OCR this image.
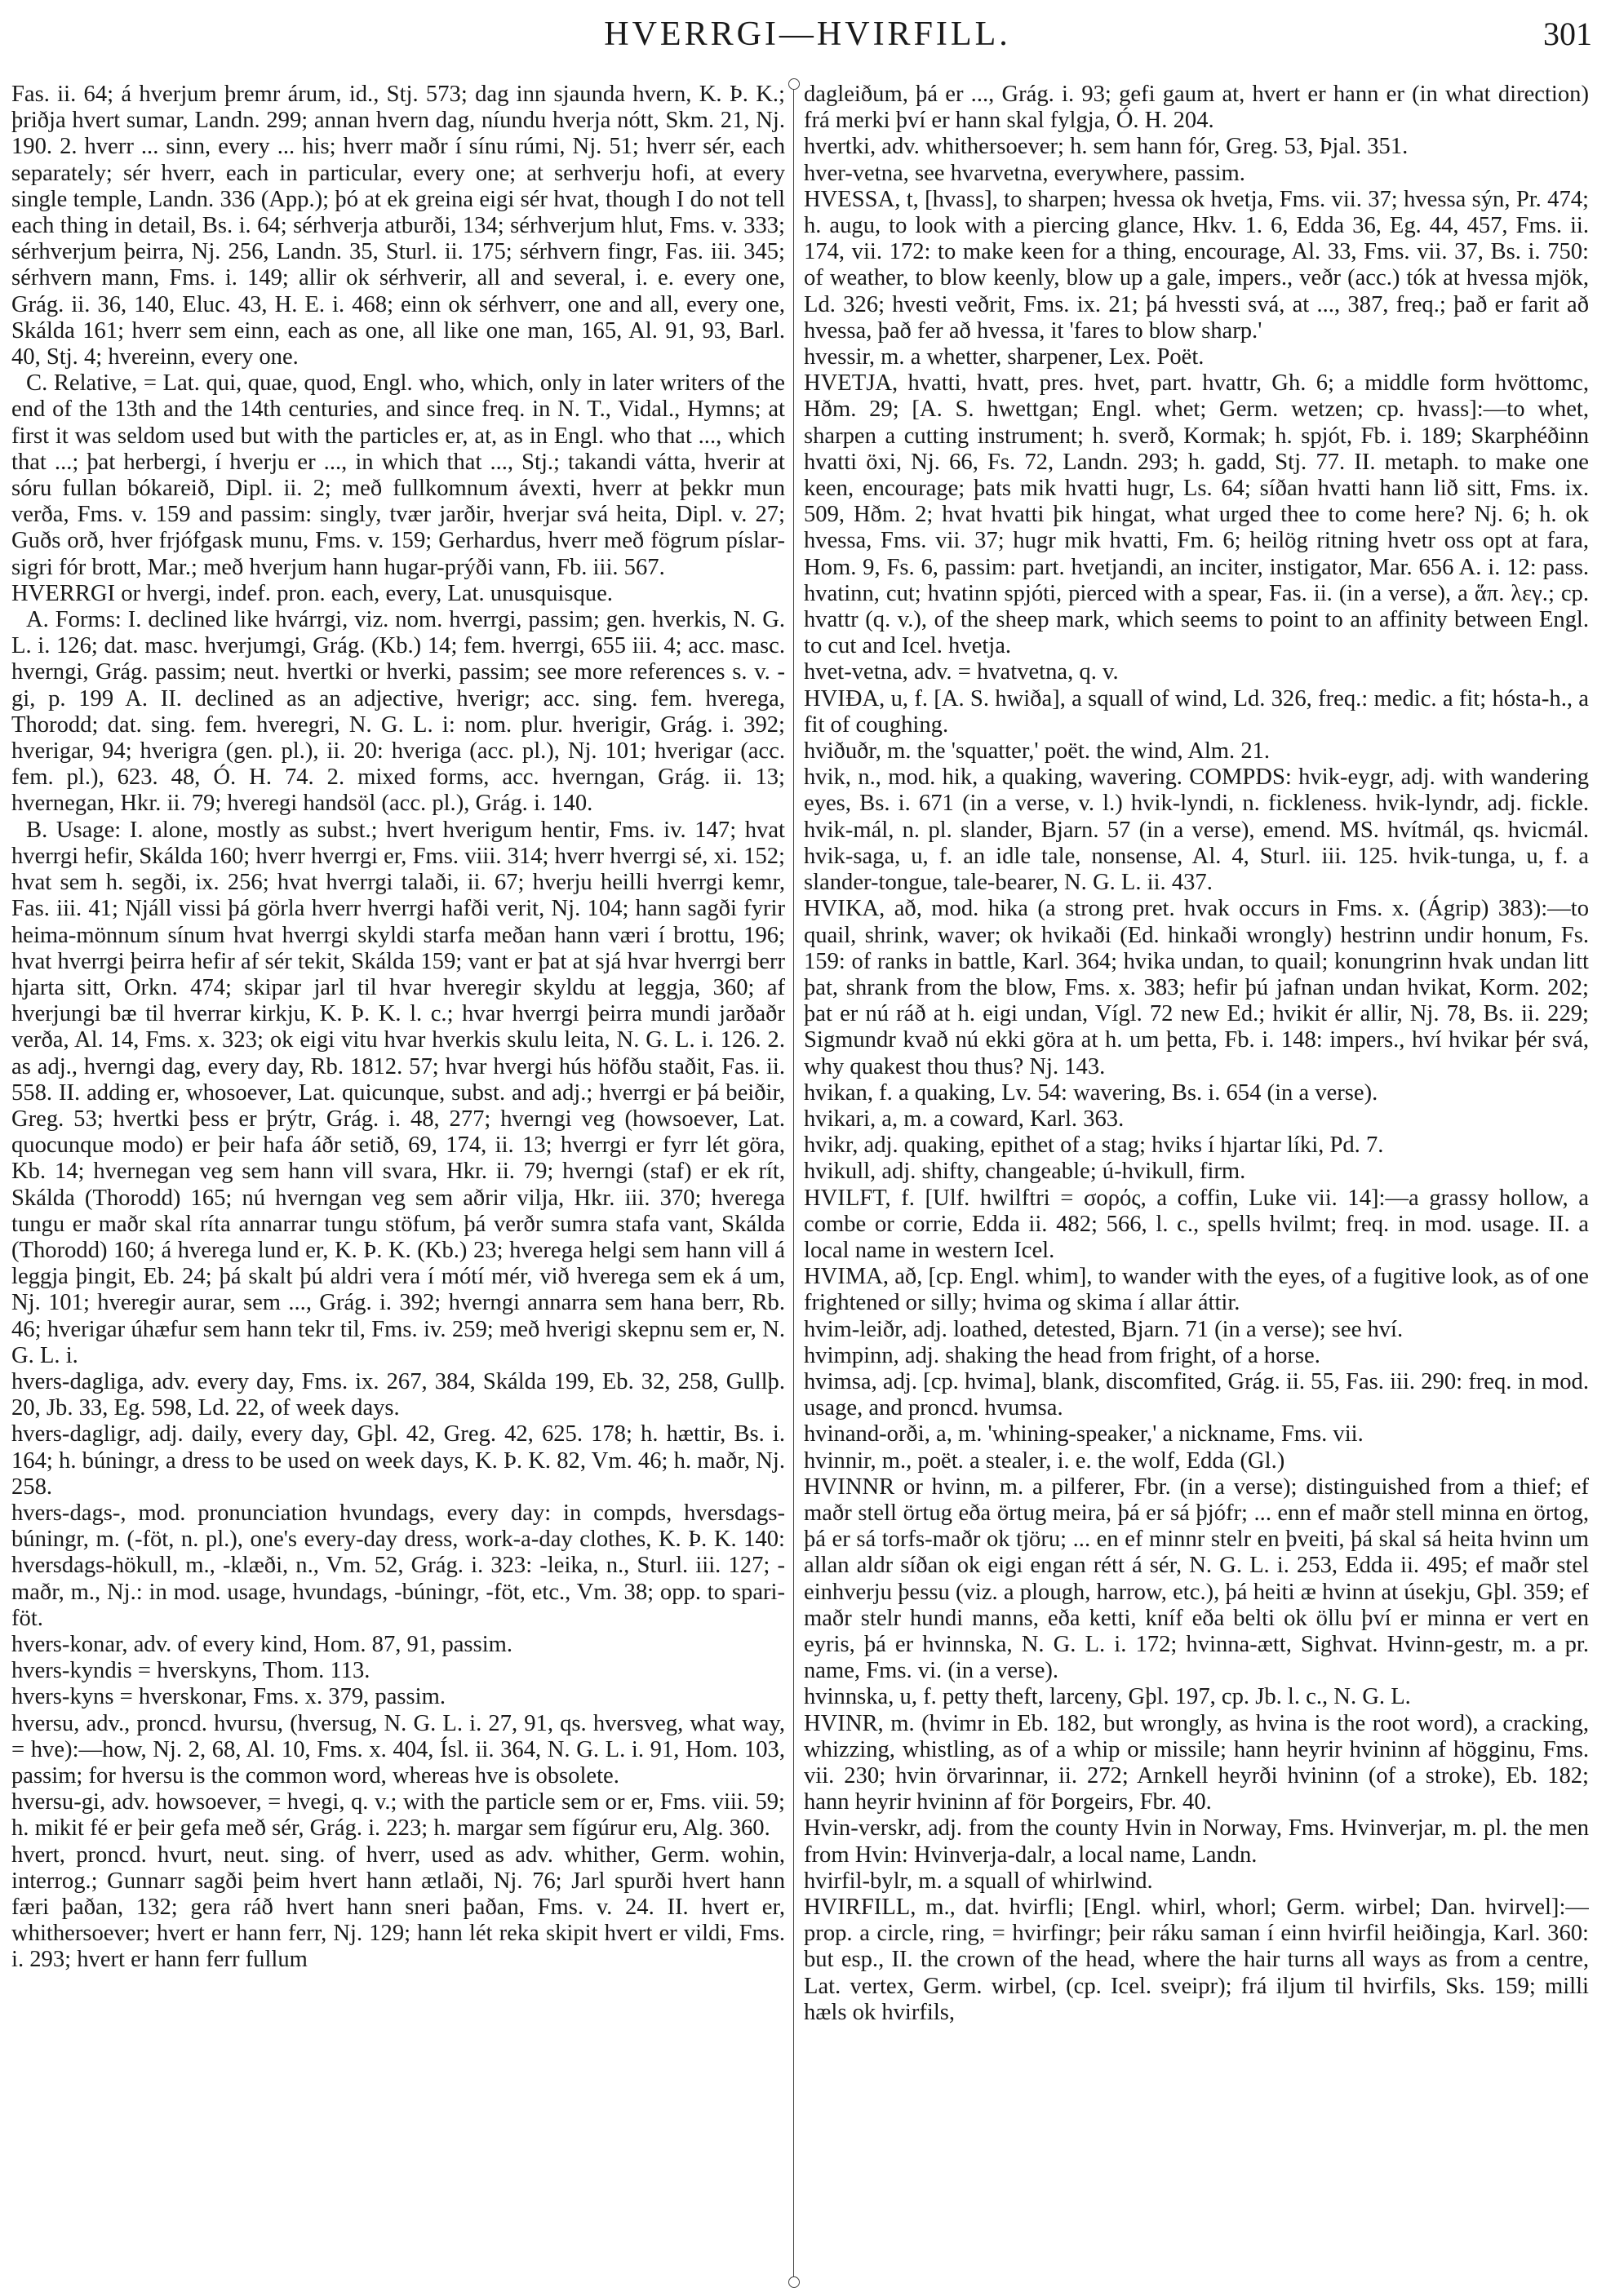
HVERRGI—HVIRFILL.	301

Fas. ii. 64; á hverjum þremr árum, id., Stj. 573; dag inn sjaunda hvern, K. Þ. K.; þriðja hvert sumar, Landn. 299; annan hvern dag, níundu hverja nótt, Skm. 21, Nj. 190. 2. hverr ... sinn, every ... his; hverr maðr í sínu rúmi, Nj. 51; hverr sér, each separately; sér hverr, each in particular, every one; at serhverju hofi, at every single temple, Landn. 336 (App.); þó at ek greina eigi sér hvat, though I do not tell each thing in detail, Bs. i. 64; sérhverja atburði, 134; sérhverjum hlut, Fms. v. 333; sérhverjum þeirra, Nj. 256, Landn. 35, Sturl. ii. 175; sérhvern fingr, Fas. iii. 345; sérhvern mann, Fms. i. 149; allir ok sérhverir, all and several, i. e. every one, Grág. ii. 36, 140, Eluc. 43, H. E. i. 468; einn ok sérhverr, one and all, every one, Skálda 161; hverr sem einn, each as one, all like one man, 165, Al. 91, 93, Barl. 40, Stj. 4; hvereinn, every one.

C. Relative, = Lat. qui, quae, quod, Engl. who, which, only in later writers of the end of the 13th and the 14th centuries, and since freq. in N. T., Vidal., Hymns; at first it was seldom used but with the particles er, at, as in Engl. who that ..., which that ...; þat herbergi, í hverju er ..., in which that ..., Stj.; takandi vátta, hverir at sóru fullan bókareið, Dipl. ii. 2; með fullkomnum ávexti, hverr at þekkr mun verða, Fms. v. 159 and passim: singly, tvær jarðir, hverjar svá heita, Dipl. v. 27; Guðs orð, hver frjófgask munu, Fms. v. 159; Gerhardus, hverr með fögrum píslar-sigri fór brott, Mar.; með hverjum hann hugar-prýði vann, Fb. iii. 567.

HVERRGI or hvergi, indef. pron. each, every, Lat. unusquisque.

A. Forms: I. declined like hvárrgi, viz. nom. hverrgi, passim; gen. hverkis, N. G. L. i. 126; dat. masc. hverjumgi, Grág. (Kb.) 14; fem. hverrgi, 655 iii. 4; acc. masc. hverngi, Grág. passim; neut. hvertki or hverki, passim; see more references s. v. -gi, p. 199 A. II. declined as an adjective, hverigr; acc. sing. fem. hverega, Thorodd; dat. sing. fem. hveregri, N. G. L. i: nom. plur. hverigir, Grág. i. 392; hverigar, 94; hverigra (gen. pl.), ii. 20: hveriga (acc. pl.), Nj. 101; hverigar (acc. fem. pl.), 623. 48, Ó. H. 74. 2. mixed forms, acc. hverngan, Grág. ii. 13; hvernegan, Hkr. ii. 79; hveregi handsöl (acc. pl.), Grág. i. 140.

B. Usage: I. alone, mostly as subst.; hvert hverigum hentir, Fms. iv. 147; hvat hverrgi hefir, Skálda 160; hverr hverrgi er, Fms. viii. 314; hverr hverrgi sé, xi. 152; hvat sem h. segði, ix. 256; hvat hverrgi talaði, ii. 67; hverju heilli hverrgi kemr, Fas. iii. 41; Njáll vissi þá görla hverr hverrgi hafði verit, Nj. 104; hann sagði fyrir heima-mönnum sínum hvat hverrgi skyldi starfa meðan hann væri í brottu, 196; hvat hverrgi þeirra hefir af sér tekit, Skálda 159; vant er þat at sjá hvar hverrgi berr hjarta sitt, Orkn. 474; skipar jarl til hvar hveregir skyldu at leggja, 360; af hverjungi bæ til hverrar kirkju, K. Þ. K. l. c.; hvar hverrgi þeirra mundi jarðaðr verða, Al. 14, Fms. x. 323; ok eigi vitu hvar hverkis skulu leita, N. G. L. i. 126. 2. as adj., hverngi dag, every day, Rb. 1812. 57; hvar hvergi hús höfðu staðit, Fas. ii. 558. II. adding er, whosoever, Lat. quicunque, subst. and adj.; hverrgi er þá beiðir, Greg. 53; hvertki þess er þrýtr, Grág. i. 48, 277; hverngi veg (howsoever, Lat. quocunque modo) er þeir hafa áðr setið, 69, 174, ii. 13; hverrgi er fyrr lét göra, Kb. 14; hvernegan veg sem hann vill svara, Hkr. ii. 79; hverngi (staf) er ek rít, Skálda (Thorodd) 165; nú hverngan veg sem aðrir vilja, Hkr. iii. 370; hverega tungu er maðr skal ríta annarrar tungu stöfum, þá verðr sumra stafa vant, Skálda (Thorodd) 160; á hverega lund er, K. Þ. K. (Kb.) 23; hverega helgi sem hann vill á leggja þingit, Eb. 24; þá skalt þú aldri vera í mótí mér, við hverega sem ek á um, Nj. 101; hveregir aurar, sem ..., Grág. i. 392; hverngi annarra sem hana berr, Rb. 46; hverigar úhæfur sem hann tekr til, Fms. iv. 259; með hverigi skepnu sem er, N. G. L. i.

hvers-dagliga, adv. every day, Fms. ix. 267, 384, Skálda 199, Eb. 32, 258, Gullþ. 20, Jb. 33, Eg. 598, Ld. 22, of week days.

hvers-dagligr, adj. daily, every day, Gþl. 42, Greg. 42, 625. 178; h. hættir, Bs. i. 164; h. búningr, a dress to be used on week days, K. Þ. K. 82, Vm. 46; h. maðr, Nj. 258.

hvers-dags-, mod. pronunciation hvundags, every day: in compds, hversdags-búningr, m. (-föt, n. pl.), one's every-day dress, work-a-day clothes, K. Þ. K. 140: hversdags-hökull, m., -klæði, n., Vm. 52, Grág. i. 323: -leika, n., Sturl. iii. 127; -maðr, m., Nj.: in mod. usage, hvundags, -búningr, -föt, etc., Vm. 38; opp. to spari-föt.

hvers-konar, adv. of every kind, Hom. 87, 91, passim.

hvers-kyndis = hverskyns, Thom. 113.

hvers-kyns = hverskonar, Fms. x. 379, passim.

hversu, adv., proncd. hvursu, (hversug, N. G. L. i. 27, 91, qs. hversveg, what way, = hve):—how, Nj. 2, 68, Al. 10, Fms. x. 404, Ísl. ii. 364, N. G. L. i. 91, Hom. 103, passim; for hversu is the common word, whereas hve is obsolete.

hversu-gi, adv. howsoever, = hvegi, q. v.; with the particle sem or er, Fms. viii. 59; h. mikit fé er þeir gefa með sér, Grág. i. 223; h. margar sem fígúrur eru, Alg. 360.

hvert, proncd. hvurt, neut. sing. of hverr, used as adv. whither, Germ. wohin, interrog.; Gunnarr sagði þeim hvert hann ætlaði, Nj. 76; Jarl spurði hvert hann færi þaðan, 132; gera ráð hvert hann sneri þaðan, Fms. v. 24. II. hvert er, whithersoever; hvert er hann ferr, Nj. 129; hann lét reka skipit hvert er vildi, Fms. i. 293; hvert er hann ferr fullum

dagleiðum, þá er ..., Grág. i. 93; gefi gaum at, hvert er hann er (in what direction) frá merki því er hann skal fylgja, Ó. H. 204.

hvertki, adv. whithersoever; h. sem hann fór, Greg. 53, Þjal. 351.

hver-vetna, see hvarvetna, everywhere, passim.

HVESSA, t, [hvass], to sharpen; hvessa ok hvetja, Fms. vii. 37; hvessa sýn, Pr. 474; h. augu, to look with a piercing glance, Hkv. 1. 6, Edda 36, Eg. 44, 457, Fms. ii. 174, vii. 172: to make keen for a thing, encourage, Al. 33, Fms. vii. 37, Bs. i. 750: of weather, to blow keenly, blow up a gale, impers., veðr (acc.) tók at hvessa mjök, Ld. 326; hvesti veðrit, Fms. ix. 21; þá hvessti svá, at ..., 387, freq.; það er farit að hvessa, það fer að hvessa, it 'fares to blow sharp.'

hvessir, m. a whetter, sharpener, Lex. Poët.

HVETJA, hvatti, hvatt, pres. hvet, part. hvattr, Gh. 6; a middle form hvöttomc, Hðm. 29; [A. S. hwettgan; Engl. whet; Germ. wetzen; cp. hvass]:—to whet, sharpen a cutting instrument; h. sverð, Kormak; h. spjót, Fb. i. 189; Skarphéðinn hvatti öxi, Nj. 66, Fs. 72, Landn. 293; h. gadd, Stj. 77. II. metaph. to make one keen, encourage; þats mik hvatti hugr, Ls. 64; síðan hvatti hann lið sitt, Fms. ix. 509, Hðm. 2; hvat hvatti þik hingat, what urged thee to come here? Nj. 6; h. ok hvessa, Fms. vii. 37; hugr mik hvatti, Fm. 6; heilög ritning hvetr oss opt at fara, Hom. 9, Fs. 6, passim: part. hvetjandi, an inciter, instigator, Mar. 656 A. i. 12: pass. hvatinn, cut; hvatinn spjóti, pierced with a spear, Fas. ii. (in a verse), a ἅπ. λεγ.; cp. hvattr (q. v.), of the sheep mark, which seems to point to an affinity between Engl. to cut and Icel. hvetja.

hvet-vetna, adv. = hvatvetna, q. v.

HVIÐA, u, f. [A. S. hwiða], a squall of wind, Ld. 326, freq.: medic. a fit; hósta-h., a fit of coughing.

hviðuðr, m. the 'squatter,' poët. the wind, Alm. 21.

hvik, n., mod. hik, a quaking, wavering. COMPDS: hvik-eygr, adj. with wandering eyes, Bs. i. 671 (in a verse, v. l.) hvik-lyndi, n. fickleness. hvik-lyndr, adj. fickle. hvik-mál, n. pl. slander, Bjarn. 57 (in a verse), emend. MS. hvítmál, qs. hvicmál. hvik-saga, u, f. an idle tale, nonsense, Al. 4, Sturl. iii. 125. hvik-tunga, u, f. a slander-tongue, tale-bearer, N. G. L. ii. 437.

HVIKA, að, mod. hika (a strong pret. hvak occurs in Fms. x. (Ágrip) 383):—to quail, shrink, waver; ok hvikaði (Ed. hinkaði wrongly) hestrinn undir honum, Fs. 159: of ranks in battle, Karl. 364; hvika undan, to quail; konungrinn hvak undan litt þat, shrank from the blow, Fms. x. 383; hefir þú jafnan undan hvikat, Korm. 202; þat er nú ráð at h. eigi undan, Vígl. 72 new Ed.; hvikit ér allir, Nj. 78, Bs. ii. 229; Sigmundr kvað nú ekki göra at h. um þetta, Fb. i. 148: impers., hví hvikar þér svá, why quakest thou thus? Nj. 143.

hvikan, f. a quaking, Lv. 54: wavering, Bs. i. 654 (in a verse).

hvikari, a, m. a coward, Karl. 363.

hvikr, adj. quaking, epithet of a stag; hviks í hjartar líki, Pd. 7.

hvikull, adj. shifty, changeable; ú-hvikull, firm.

HVILFT, f. [Ulf. hwilftri = σορός, a coffin, Luke vii. 14]:—a grassy hollow, a combe or corrie, Edda ii. 482; 566, l. c., spells hvilmt; freq. in mod. usage. II. a local name in western Icel.

HVIMA, að, [cp. Engl. whim], to wander with the eyes, of a fugitive look, as of one frightened or silly; hvima og skima í allar áttir.

hvim-leiðr, adj. loathed, detested, Bjarn. 71 (in a verse); see hví.

hvimpinn, adj. shaking the head from fright, of a horse.

hvimsa, adj. [cp. hvima], blank, discomfited, Grág. ii. 55, Fas. iii. 290: freq. in mod. usage, and proncd. hvumsa.

hvinand-orði, a, m. 'whining-speaker,' a nickname, Fms. vii.

hvinnir, m., poët. a stealer, i. e. the wolf, Edda (Gl.)

HVINNR or hvinn, m. a pilferer, Fbr. (in a verse); distinguished from a thief; ef maðr stell örtug eða örtug meira, þá er sá þjófr; ... enn ef maðr stell minna en örtog, þá er sá torfs-maðr ok tjöru; ... en ef minnr stelr en þveiti, þá skal sá heita hvinn um allan aldr síðan ok eigi engan rétt á sér, N. G. L. i. 253, Edda ii. 495; ef maðr stel einhverju þessu (viz. a plough, harrow, etc.), þá heiti æ hvinn at úsekju, Gþl. 359; ef maðr stelr hundi manns, eða ketti, kníf eða belti ok öllu því er minna er vert en eyris, þá er hvinnska, N. G. L. i. 172; hvinna-ætt, Sighvat. Hvinn-gestr, m. a pr. name, Fms. vi. (in a verse).

hvinnska, u, f. petty theft, larceny, Gþl. 197, cp. Jb. l. c., N. G. L.

HVINR, m. (hvimr in Eb. 182, but wrongly, as hvina is the root word), a cracking, whizzing, whistling, as of a whip or missile; hann heyrir hvininn af högginu, Fms. vii. 230; hvin örvarinnar, ii. 272; Arnkell heyrði hvininn (of a stroke), Eb. 182; hann heyrir hvininn af för Þorgeirs, Fbr. 40.

Hvin-verskr, adj. from the county Hvin in Norway, Fms. Hvinverjar, m. pl. the men from Hvin: Hvinverja-dalr, a local name, Landn.

hvirfil-bylr, m. a squall of whirlwind.

HVIRFILL, m., dat. hvirfli; [Engl. whirl, whorl; Germ. wirbel; Dan. hvirvel]:—prop. a circle, ring, = hvirfingr; þeir ráku saman í einn hvirfil heiðingja, Karl. 360: but esp., II. the crown of the head, where the hair turns all ways as from a centre, Lat. vertex, Germ. wirbel, (cp. Icel. sveipr); frá iljum til hvirfils, Sks. 159; milli hæls ok hvirfils,
